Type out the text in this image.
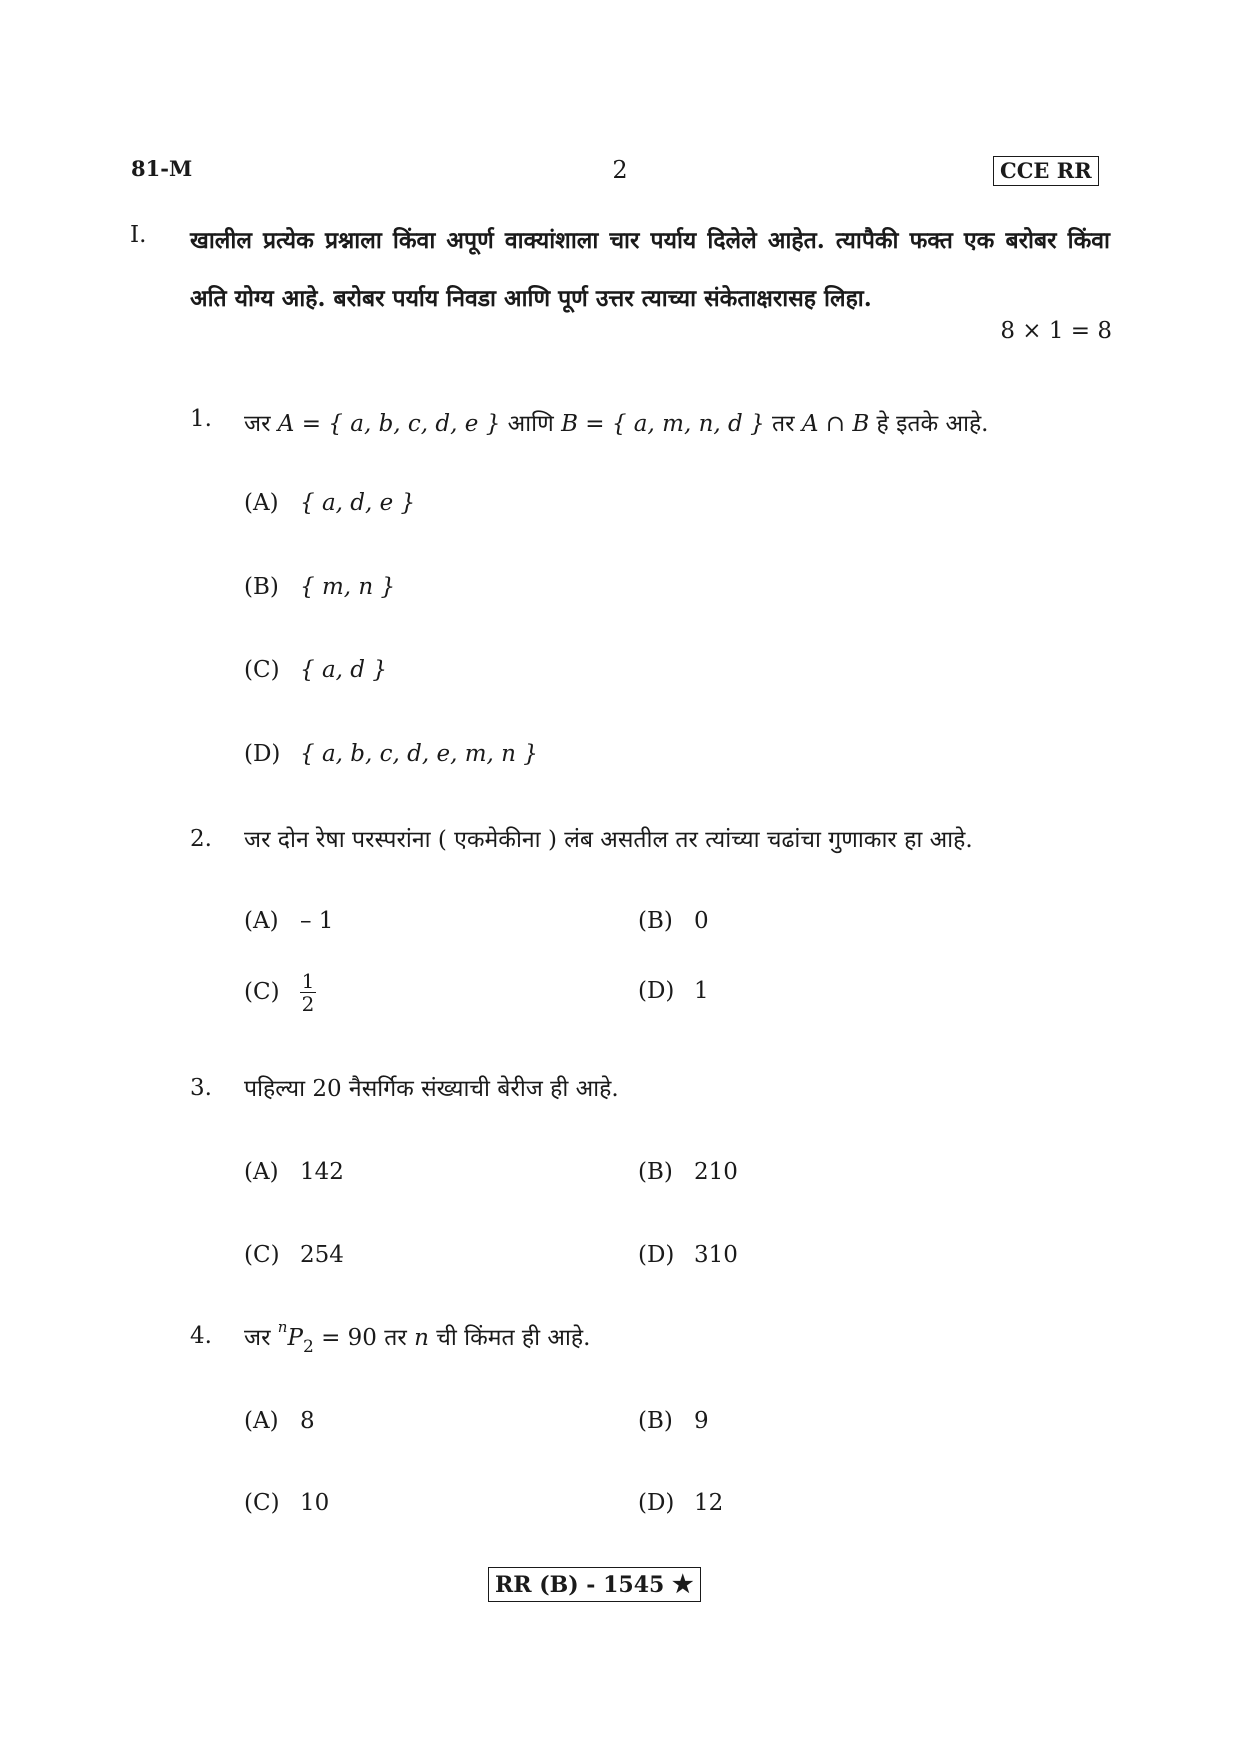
81-M	2	CCE RR
I. खालील प्रत्येक प्रश्नाला किंवा अपूर्ण वाक्यांशाला चार पर्याय दिलेले आहेत. त्यापैकी फक्त एक बरोबर किंवा अति योग्य आहे. बरोबर पर्याय निवडा आणि पूर्ण उत्तर त्याच्या संकेताक्षरासह लिहा.
8 × 1 = 8
1. जर A = { a, b, c, d, e } आणि B = { a, m, n, d } तर A ∩ B हे इतके आहे.
(A) { a, d, e }
(B) { m, n }
(C) { a, d }
(D) { a, b, c, d, e, m, n }
2. जर दोन रेषा परस्परांना ( एकमेकीना ) लंब असतील तर त्यांच्या चढांचा गुणाकार हा आहे.
(A) – 1	(B) 0
$(C) \frac{1}{2}$	(D) 1
3. पहिल्या 20 नैसर्गिक संख्याची बेरीज ही आहे.
(A) 142	(B) 210
(C) 254	(D) 310
4. जर $^nP_2 = 90$ तर n ची किंमत ही आहे.
(A) 8	(B) 9
(C) 10	(D) 12
RR (B) - 1545 ★
